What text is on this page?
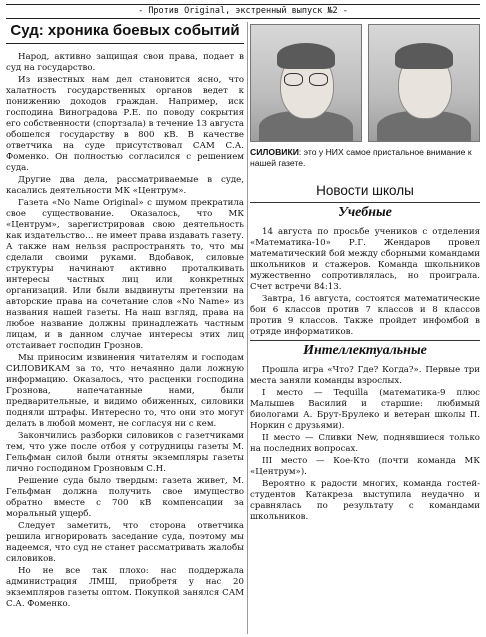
- Против Original, экстренный выпуск №2 -
Суд: хроника боевых событий

Народ, активно защищая свои права, подает в суд на государство.

Из известных нам дел становится ясно, что халатность государственных органов ведет к понижению доходов граждан. Например, иск господина Виноградова Р.Е. по поводу сокрытия его собственности (спортзала) в течение 13 августа обошелся государству в 800 кВ. В качестве ответчика на суде присутствовал САМ С.А. Фоменко. Он полностью согласился с решением суда.

Другие два дела, рассматриваемые в суде, касались деятельности МК «Центрум».

Газета «No Name Original» с шумом прекратила свое существование. Оказалось, что МК «Центрум», зарегистрировав свою деятельность как издательство… не имеет права издавать газету. А также нам нельзя распространять то, что мы сделали своими руками. Вдобавок, силовые структуры начинают активно проталкивать интересы частных лиц или конкретных организаций. Или были выдвинуты претензии на авторские права на сочетание слов «No Name» из названия нашей газеты. На наш взгляд, права на любое название должны принадлежать частным лицам, и в данном случае интересы этих лиц отстаивает господин Грознов.

Мы приносим извинения читателям и господам СИЛОВИКАМ за то, что нечаянно дали ложную информацию. Оказалось, что расценки господина Грознова, напечатанные нами, были предварительные, и видимо обиженных, силовики подняли штрафы. Интересно то, что они это могут делать в любой момент, не согласуя ни с кем.

Закончились разборки силовиков с газетчиками тем, что уже после отбоя у сотрудницы газеты М. Гельфман силой были отняты экземпляры газеты лично господином Грозновым С.Н.

Решение суда было твердым: газета живет, М. Гельфман должна получить свое имущество обратно вместе с 700 кВ компенсации за моральный ущерб.

Следует заметить, что сторона ответчика решила игнорировать заседание суда, поэтому мы надеемся, что суд не станет рассматривать жалобы силовиков.

Но не все так плохо: нас поддержала администрация ЛМШ, приобретя у нас 20 экземпляров газеты оптом. Покупкой занялся САМ С.А. Фоменко.

СИЛОВИКИ: это у НИХ самое пристальное внимание к нашей газете.
Новости школы
Учебные

14 августа по просьбе учеников с отделения «Математика-10» Р.Г. Жендаров провел математический бой между сборными командами школьников и стажеров. Команда школьников мужественно сопротивлялась, но проиграла. Счет встречи 84:13.

Завтра, 16 августа, состоятся математические бои 6 классов против 7 классов и 8 классов против 9 классов. Также пройдет инфомбой в отряде информатиков.

Интеллектуальные

Прошла игра «Что? Где? Когда?». Первые три места заняли команды взрослых.

I место — Tequilla (математика-9 плюс Малышев Василий и старшие: любимый биологами А. Брут-Брулеко и ветеран школы П. Норкин с друзьями).

II место — Сливки New, поднявшиеся только на последних вопросах.

III место — Кое-Кто (почти команда МК «Центрум»).

Вероятно к радости многих, команда гостей-студентов Катакреза выступила неудачно и сравнялась по результату с командами школьников.
